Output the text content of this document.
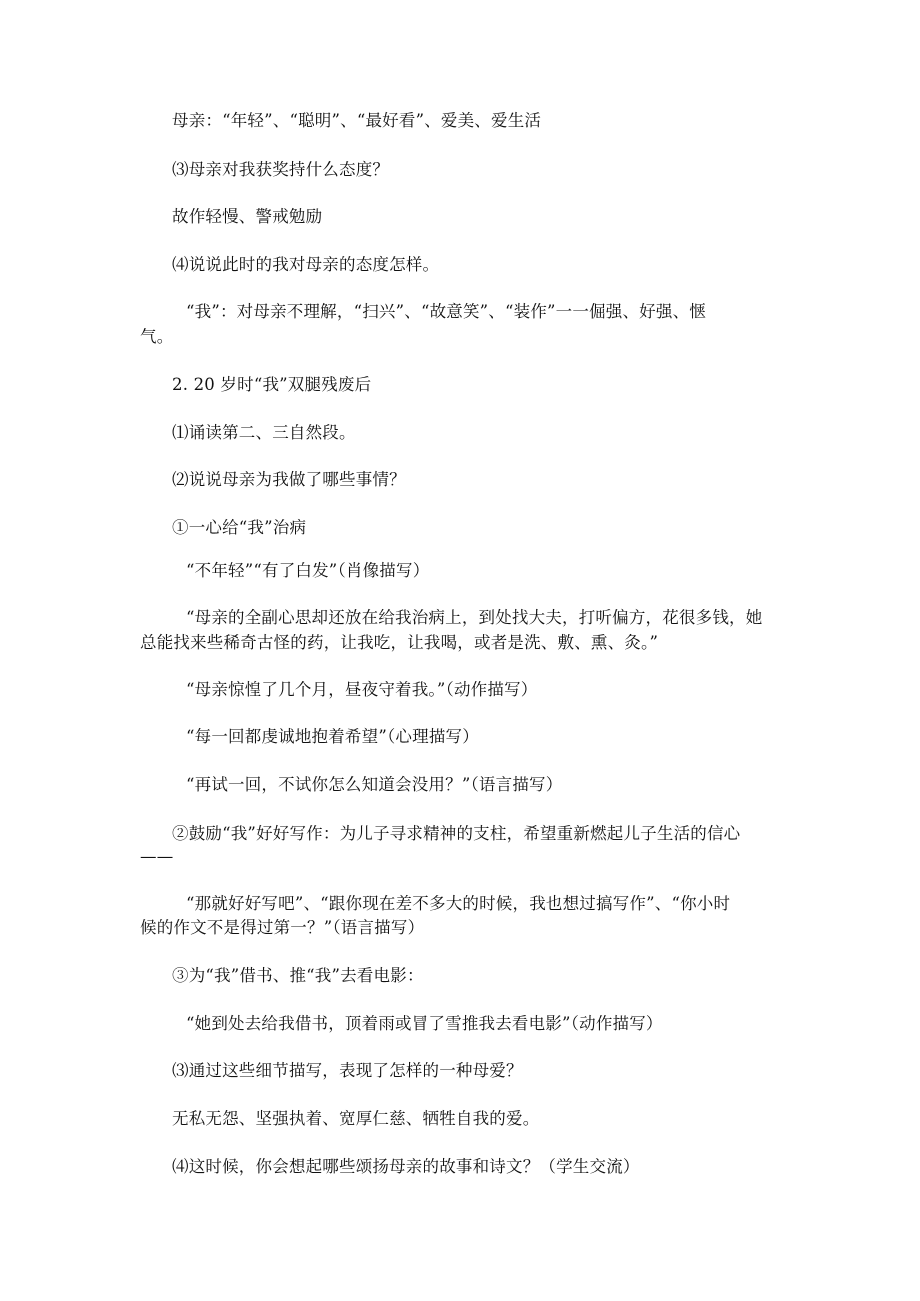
母亲：“年轻”、“聪明”、“最好看”、爱美、爱生活
⑶母亲对我获奖持什么态度？
故作轻慢、警戒勉励
⑷说说此时的我对母亲的态度怎样。
“我”：对母亲不理解，“扫兴”、“故意笑”、“装作”一一倔强、好强、惬
气。
2. 20 岁时“我”双腿残废后
⑴诵读第二、三自然段。
⑵说说母亲为我做了哪些事情？
①一心给“我”治病
“不年轻”“有了白发”（肖像描写）
“母亲的全副心思却还放在给我治病上，到处找大夫，打听偏方，花很多钱，她
总能找来些稀奇古怪的药，让我吃，让我喝，或者是洗、敷、熏、灸。”
“母亲惊惶了几个月，昼夜守着我。”（动作描写）
“每一回都虔诚地抱着希望”（心理描写）
“再试一回，不试你怎么知道会没用？”（语言描写）
②鼓励“我”好好写作：为儿子寻求精神的支柱，希望重新燃起儿子生活的信心
——
“那就好好写吧”、“跟你现在差不多大的时候，我也想过搞写作”、“你小时
候的作文不是得过第一？”（语言描写）
③为“我”借书、推“我”去看电影：
“她到处去给我借书，顶着雨或冒了雪推我去看电影”（动作描写）
⑶通过这些细节描写，表现了怎样的一种母爱？
无私无怨、坚强执着、宽厚仁慈、牺牲自我的爱。
⑷这时候，你会想起哪些颂扬母亲的故事和诗文？（学生交流）
